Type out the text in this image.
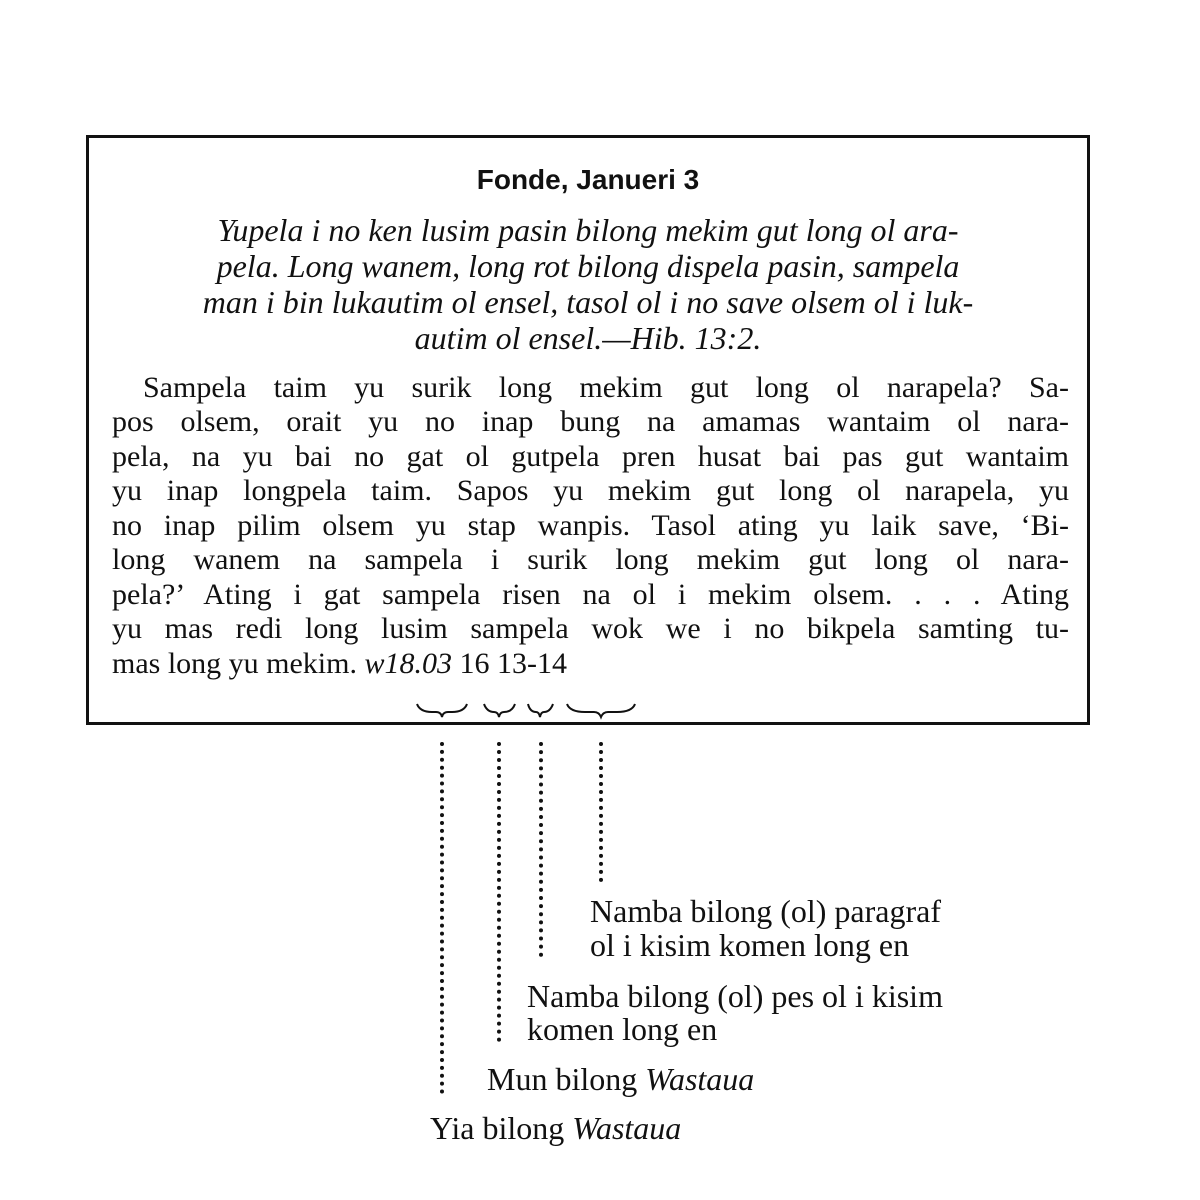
Fonde, Janueri 3
Yupela i no ken lusim pasin bilong mekim gut long ol ara-
pela. Long wanem, long rot bilong dispela pasin, sampela
man i bin lukautim ol ensel, tasol ol i no save olsem ol i luk-
autim ol ensel.—Hib. 13:2.
Sampela taim yu surik long mekim gut long ol narapela? Sa-
pos olsem, orait yu no inap bung na amamas wantaim ol nara-
pela, na yu bai no gat ol gutpela pren husat bai pas gut wantaim
yu inap longpela taim. Sapos yu mekim gut long ol narapela, yu
no inap pilim olsem yu stap wanpis. Tasol ating yu laik save, ‘Bi-
long wanem na sampela i surik long mekim gut long ol nara-
pela?’ Ating i gat sampela risen na ol i mekim olsem. . . . Ating
yu mas redi long lusim sampela wok we i no bikpela samting tu-
mas long yu mekim. w18.03 16 13-14
Namba bilong (ol) paragraf
ol i kisim komen long en
Namba bilong (ol) pes ol i kisim
komen long en
Mun bilong Wastaua
Yia bilong Wastaua
